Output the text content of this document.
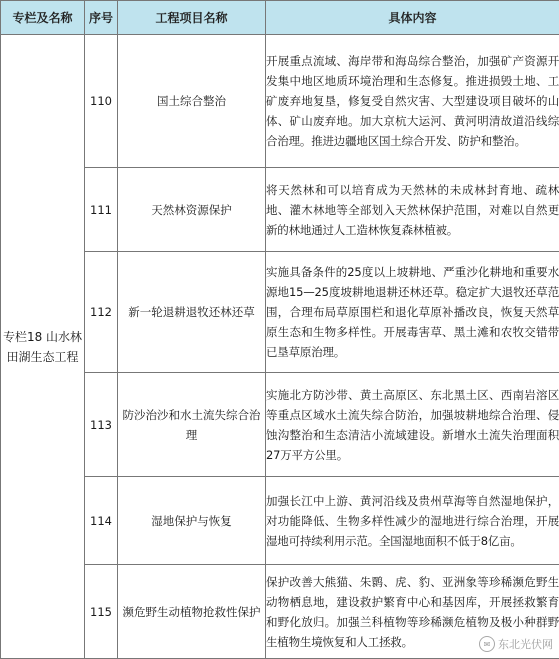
专栏及名称	序号	工程项目名称	具体内容
专栏18 山水林田湖生态工程	110	国土综合整治	开展重点流域、海岸带和海岛综合整治，加强矿产资源开发集中地区地质环境治理和生态修复。推进损毁土地、工矿废弃地复垦，修复受自然灾害、大型建设项目破坏的山体、矿山废弃地。加大京杭大运河、黄河明清故道沿线综合治理。推进边疆地区国土综合开发、防护和整治。
	111	天然林资源保护	将天然林和可以培育成为天然林的未成林封育地、疏林地、灌木林地等全部划入天然林保护范围，对难以自然更新的林地通过人工造林恢复森林植被。
	112	新一轮退耕退牧还林还草	实施具备条件的25度以上坡耕地、严重沙化耕地和重要水源地15—25度坡耕地退耕还林还草。稳定扩大退牧还草范围，合理布局草原围栏和退化草原补播改良，恢复天然草原生态和生物多样性。开展毒害草、黑土滩和农牧交错带已垦草原治理。
	113	防沙治沙和水土流失综合治理	实施北方防沙带、黄土高原区、东北黑土区、西南岩溶区等重点区域水土流失综合防治，加强坡耕地综合治理、侵蚀沟整治和生态清洁小流域建设。新增水土流失治理面积27万平方公里。
	114	湿地保护与恢复	加强长江中上游、黄河沿线及贵州草海等自然湿地保护，对功能降低、生物多样性减少的湿地进行综合治理，开展湿地可持续利用示范。全国湿地面积不低于8亿亩。
	115	濒危野生动植物抢救性保护	保护改善大熊猫、朱鹮、虎、豹、亚洲象等珍稀濒危野生动物栖息地，建设救护繁育中心和基因库，开展拯救繁育和野化放归。加强兰科植物等珍稀濒危植物及极小种群野生植物生境恢复和人工拯救。	✉ 东北光伏网
